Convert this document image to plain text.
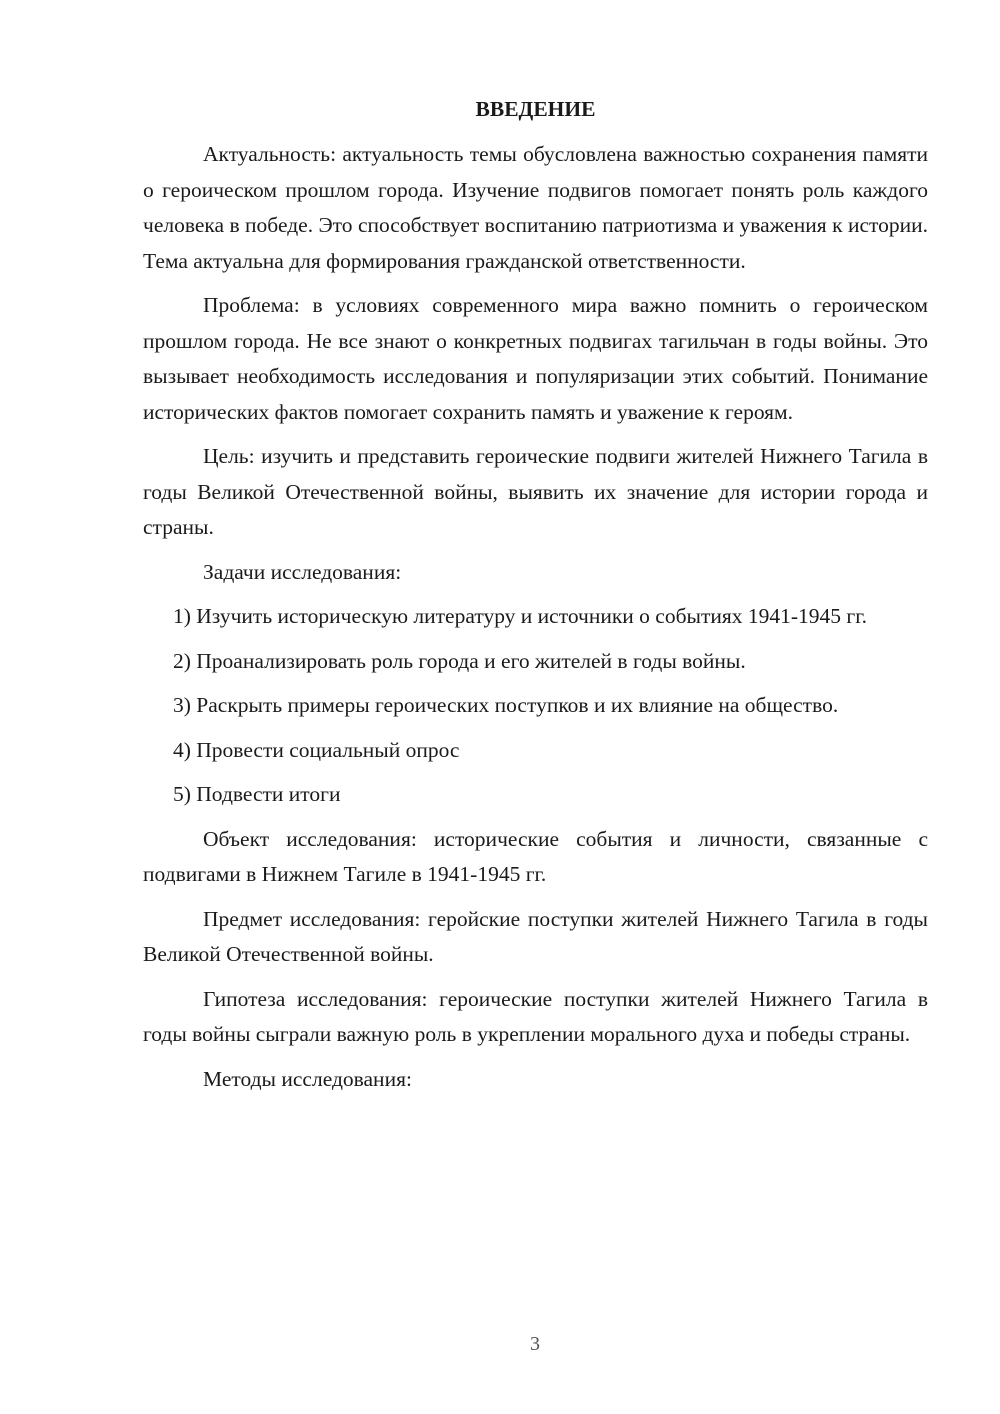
ВВЕДЕНИЕ
Актуальность: актуальность темы обусловлена важностью сохранения памяти о героическом прошлом города. Изучение подвигов помогает понять роль каждого человека в победе. Это способствует воспитанию патриотизма и уважения к истории. Тема актуальна для формирования гражданской ответственности.
Проблема: в условиях современного мира важно помнить о героическом прошлом города. Не все знают о конкретных подвигах тагильчан в годы войны. Это вызывает необходимость исследования и популяризации этих событий. Понимание исторических фактов помогает сохранить память и уважение к героям.
Цель: изучить и представить героические подвиги жителей Нижнего Тагила в годы Великой Отечественной войны, выявить их значение для истории города и страны.
Задачи исследования:
1) Изучить историческую литературу и источники о событиях 1941-1945 гг.
2) Проанализировать роль города и его жителей в годы войны.
3) Раскрыть примеры героических поступков и их влияние на общество.
4) Провести социальный опрос
5) Подвести итоги
Объект исследования: исторические события и личности, связанные с подвигами в Нижнем Тагиле в 1941-1945 гг.
Предмет исследования: геройские поступки жителей Нижнего Тагила в годы Великой Отечественной войны.
Гипотеза исследования: героические поступки жителей Нижнего Тагила в годы войны сыграли важную роль в укреплении морального духа и победы страны.
Методы исследования:
3
